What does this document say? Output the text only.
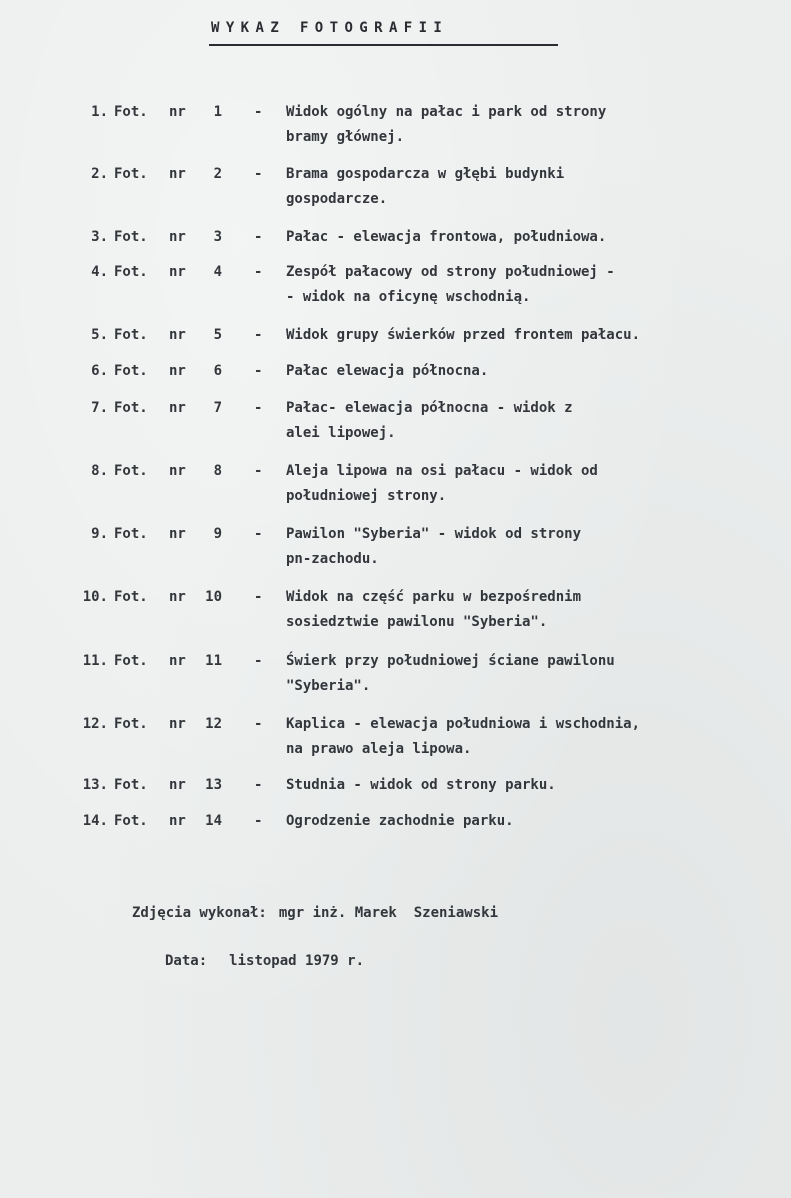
WYKAZ FOTOGRAFII
1. Fot. nr 1 - Widok ogólny na pałac i park od strony
bramy głównej.
2. Fot. nr 2 - Brama gospodarcza w głębi budynki
gospodarcze.
3. Fot. nr 3 - Pałac - elewacja frontowa, południowa.
4. Fot. nr 4 - Zespół pałacowy od strony południowej -
- widok na oficynę wschodnią.
5. Fot. nr 5 - Widok grupy świerków przed frontem pałacu.
6. Fot. nr 6 - Pałac elewacja północna.
7. Fot. nr 7 - Pałac- elewacja północna - widok z
alei lipowej.
8. Fot. nr 8 - Aleja lipowa na osi pałacu - widok od
południowej strony.
9. Fot. nr 9 - Pawilon "Syberia" - widok od strony
pn-zachodu.
10. Fot. nr 10 - Widok na część parku w bezpośrednim
sosiedztwie pawilonu "Syberia".
11. Fot. nr 11 - Świerk przy południowej ściane pawilonu
"Syberia".
12. Fot. nr 12 - Kaplica - elewacja południowa i wschodnia,
na prawo aleja lipowa.
13. Fot. nr 13 - Studnia - widok od strony parku.
14. Fot. nr 14 - Ogrodzenie zachodnie parku.
Zdjęcia wykonał: mgr inż. Marek  Szeniawski
Data: listopad 1979 r.
